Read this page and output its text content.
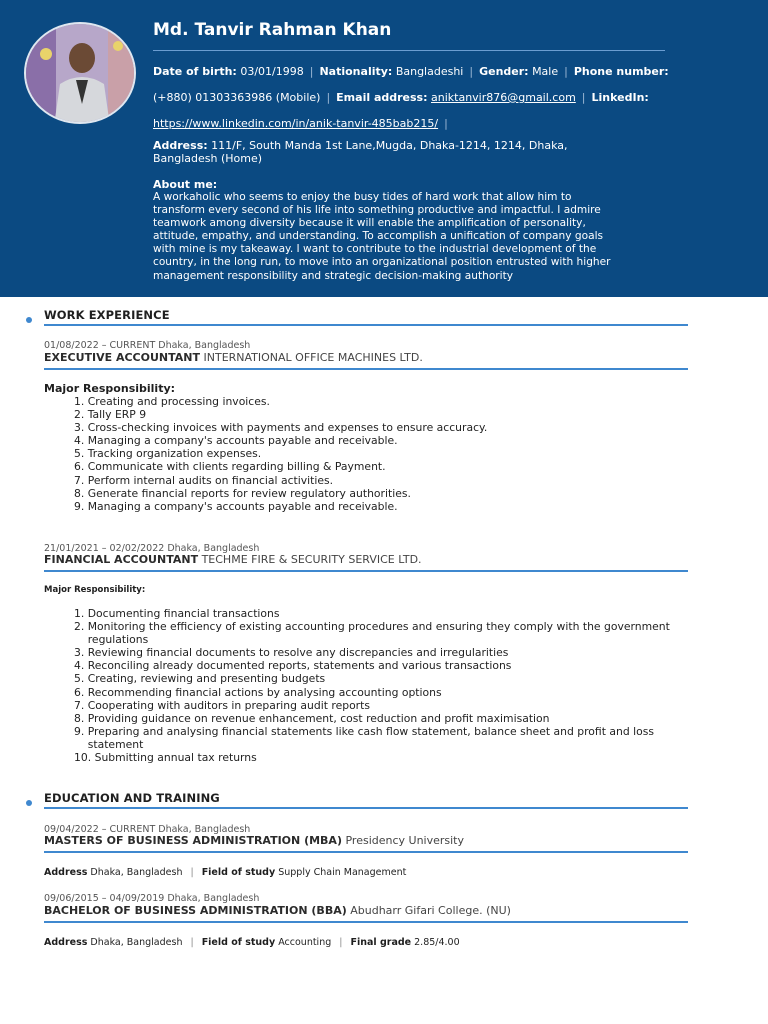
Md. Tanvir Rahman Khan
Date of birth: 03/01/1998 | Nationality: Bangladeshi | Gender: Male | Phone number:
(+880) 01303363986 (Mobile) | Email address: aniktanvir876@gmail.com | LinkedIn:
https://www.linkedin.com/in/anik-tanvir-485bab215/ |
Address: 111/F, South Manda 1st Lane,Mugda, Dhaka-1214, 1214, Dhaka, Bangladesh (Home)
About me:
A workaholic who seems to enjoy the busy tides of hard work that allow him to
transform every second of his life into something productive and impactful. I admire
teamwork among diversity because it will enable the amplification of personality,
attitude, empathy, and understanding. To accomplish a unification of company goals
with mine is my takeaway. I want to contribute to the industrial development of the
country, in the long run, to move into an organizational position entrusted with higher
management responsibility and strategic decision-making authority
WORK EXPERIENCE
01/08/2022 – CURRENT Dhaka, Bangladesh
EXECUTIVE ACCOUNTANT INTERNATIONAL OFFICE MACHINES LTD.
Major Responsibility:
1. Creating and processing invoices.
2. Tally ERP 9
3. Cross-checking invoices with payments and expenses to ensure accuracy.
4. Managing a company's accounts payable and receivable.
5. Tracking organization expenses.
6. Communicate with clients regarding billing & Payment.
7. Perform internal audits on financial activities.
8. Generate financial reports for review regulatory authorities.
9. Managing a company's accounts payable and receivable.
21/01/2021 – 02/02/2022 Dhaka, Bangladesh
FINANCIAL ACCOUNTANT TECHME FIRE & SECURITY SERVICE LTD.
Major Responsibility:
1. Documenting financial transactions
2. Monitoring the efficiency of existing accounting procedures and ensuring they comply with the government
regulations
3. Reviewing financial documents to resolve any discrepancies and irregularities
4. Reconciling already documented reports, statements and various transactions
5. Creating, reviewing and presenting budgets
6. Recommending financial actions by analysing accounting options
7. Cooperating with auditors in preparing audit reports
8. Providing guidance on revenue enhancement, cost reduction and profit maximisation
9. Preparing and analysing financial statements like cash flow statement, balance sheet and profit and loss
statement
10. Submitting annual tax returns
EDUCATION AND TRAINING
09/04/2022 – CURRENT Dhaka, Bangladesh
MASTERS OF BUSINESS ADMINISTRATION (MBA) Presidency University
Address Dhaka, Bangladesh | Field of study Supply Chain Management
09/06/2015 – 04/09/2019 Dhaka, Bangladesh
BACHELOR OF BUSINESS ADMINISTRATION (BBA) Abudharr Gifari College. (NU)
Address Dhaka, Bangladesh | Field of study Accounting | Final grade 2.85/4.00
